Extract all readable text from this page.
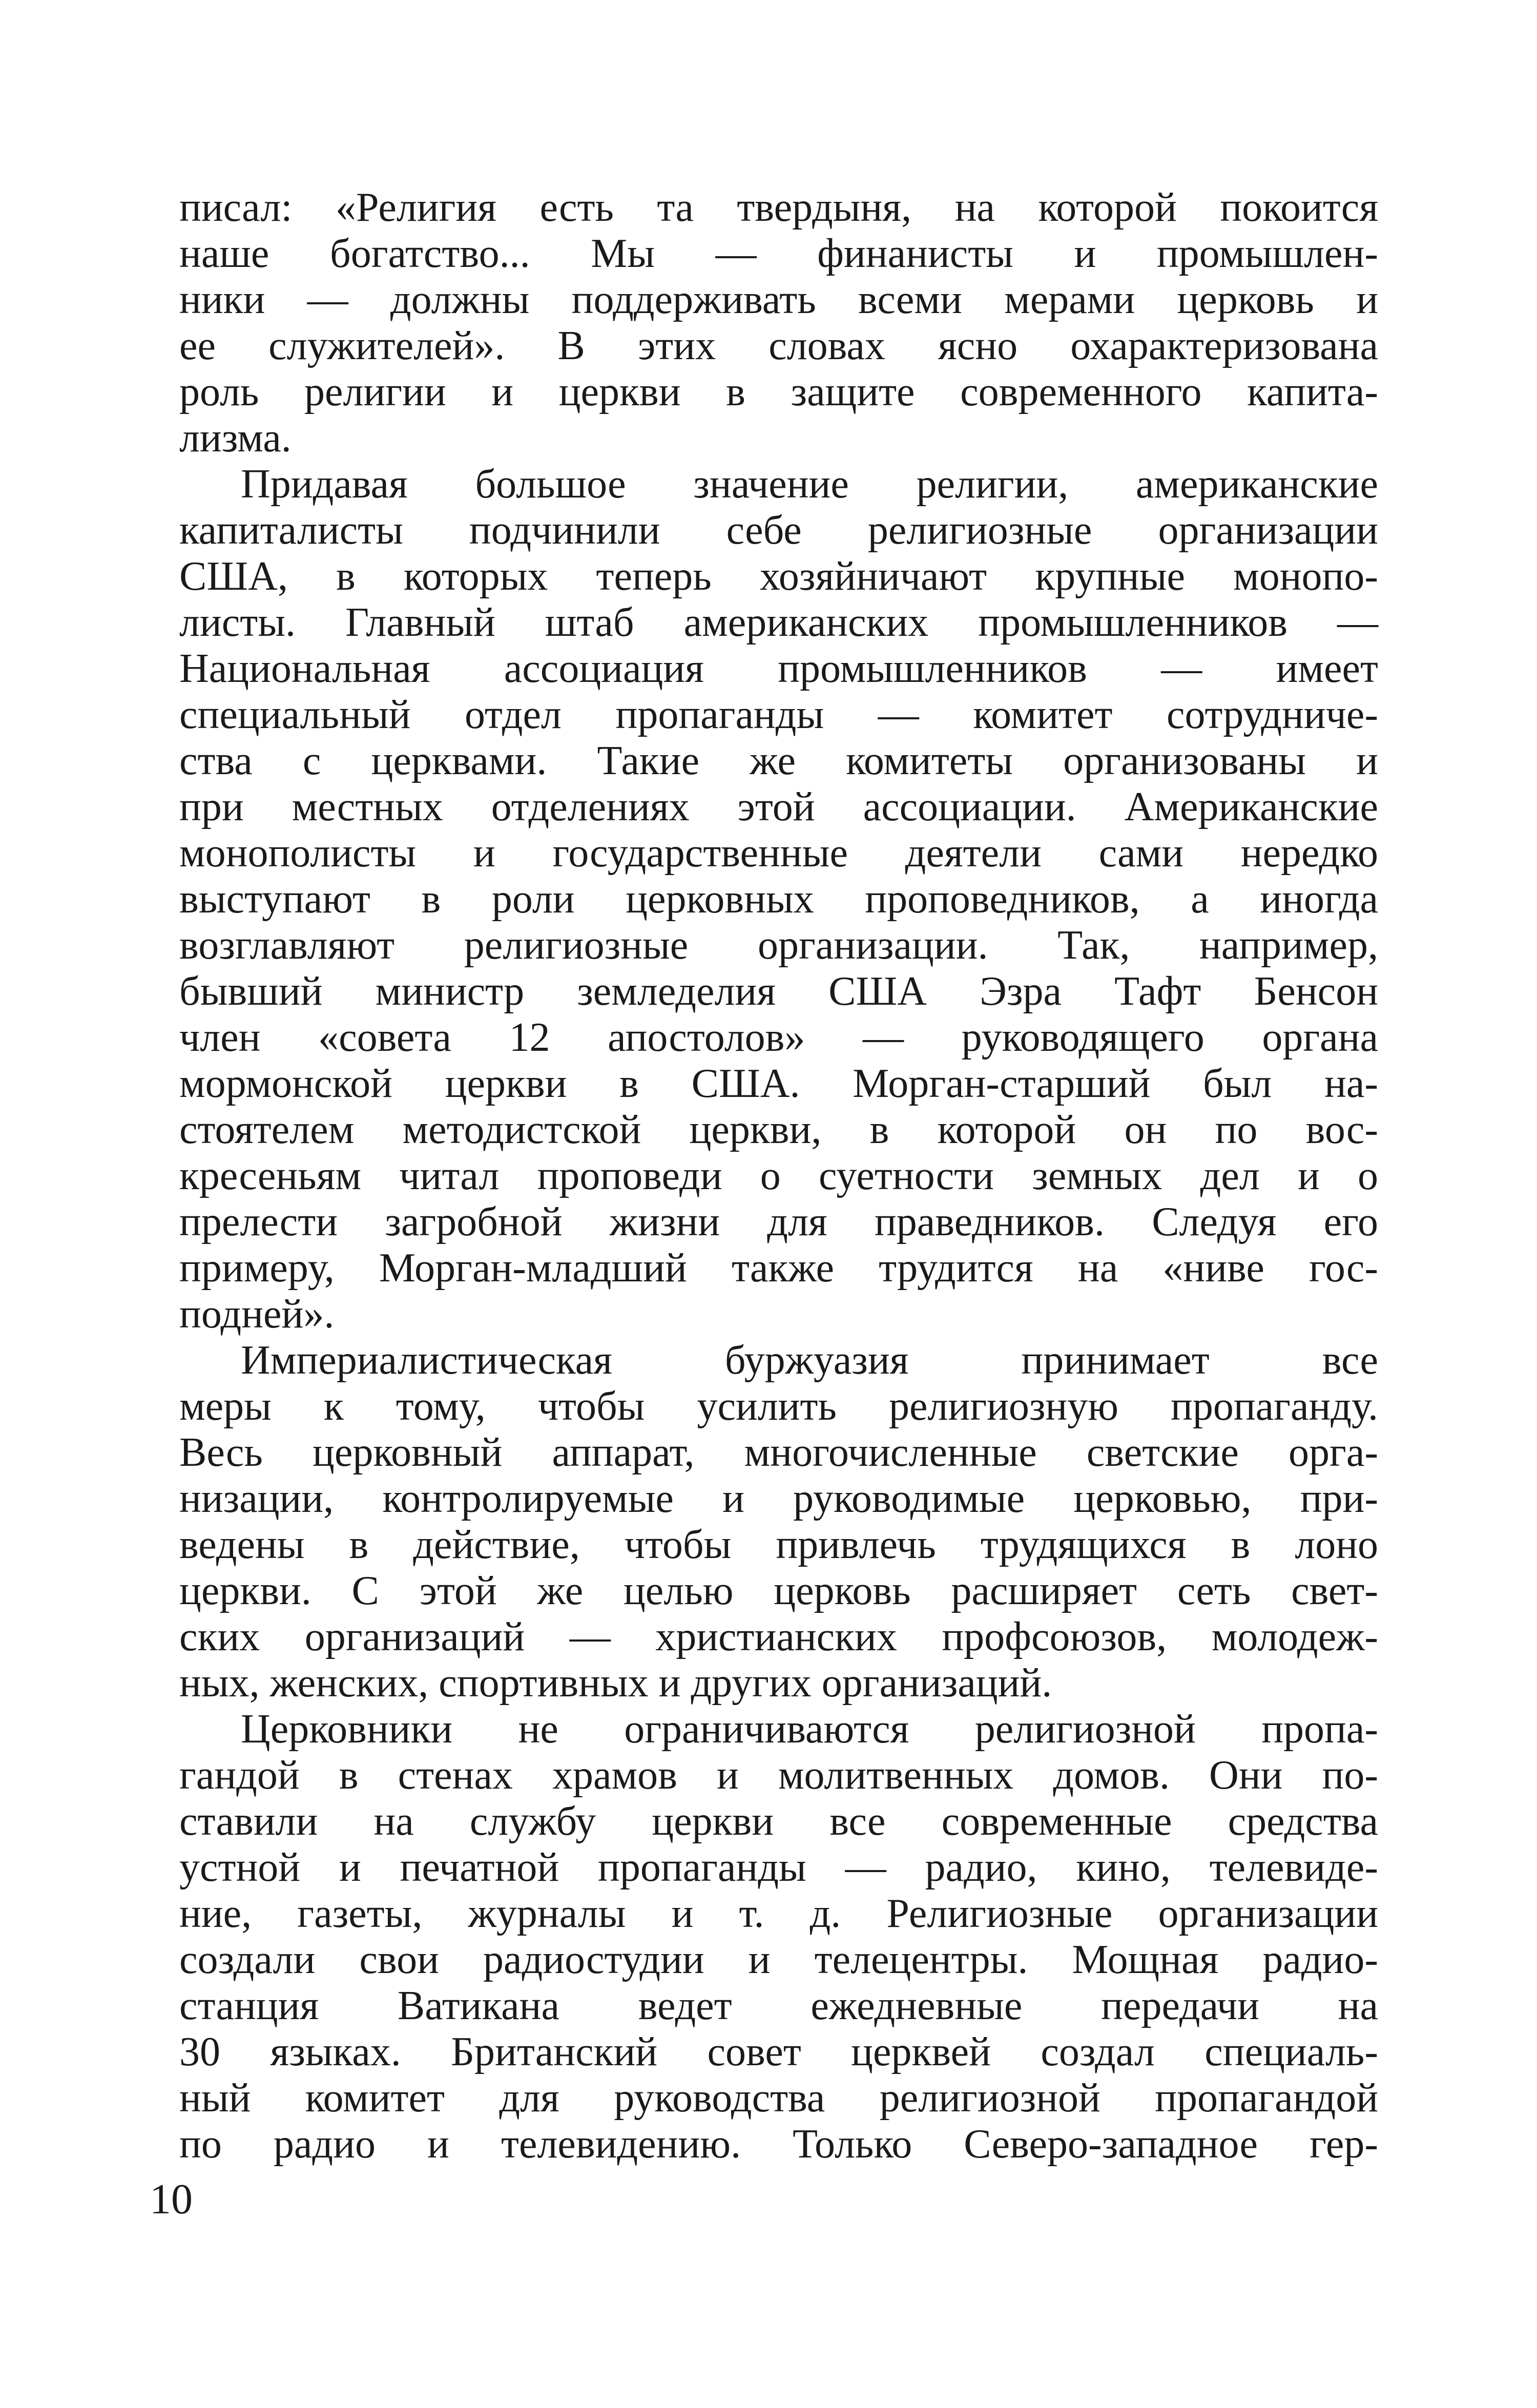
писал: «Религия есть та твердыня, на которой покоится
наше богатство... Мы — финанисты и промышлен-
ники — должны поддерживать всеми мерами церковь и
ее служителей». В этих словах ясно охарактеризована
роль религии и церкви в защите современного капита-
лизма.
Придавая большое значение религии, американские
капиталисты подчинили себе религиозные организации
США, в которых теперь хозяйничают крупные монопо-
листы. Главный штаб американских промышленников —
Национальная ассоциация промышленников — имеет
специальный отдел пропаганды — комитет сотрудниче-
ства с церквами. Такие же комитеты организованы и
при местных отделениях этой ассоциации. Американские
монополисты и государственные деятели сами нередко
выступают в роли церковных проповедников, а иногда
возглавляют религиозные организации. Так, например,
бывший министр земледелия США Эзра Тафт Бенсон
член «совета 12 апостолов» — руководящего органа
мормонской церкви в США. Морган-старший был на-
стоятелем методистской церкви, в которой он по вос-
кресеньям читал проповеди о суетности земных дел и о
прелести загробной жизни для праведников. Следуя его
примеру, Морган-младший также трудится на «ниве гос-
подней».
Империалистическая буржуазия принимает все
меры к тому, чтобы усилить религиозную пропаганду.
Весь церковный аппарат, многочисленные светские орга-
низации, контролируемые и руководимые церковью, при-
ведены в действие, чтобы привлечь трудящихся в лоно
церкви. С этой же целью церковь расширяет сеть свет-
ских организаций — христианских профсоюзов, молодеж-
ных, женских, спортивных и других организаций.
Церковники не ограничиваются религиозной пропа-
гандой в стенах храмов и молитвенных домов. Они по-
ставили на службу церкви все современные средства
устной и печатной пропаганды — радио, кино, телевиде-
ние, газеты, журналы и т. д. Религиозные организации
создали свои радиостудии и телецентры. Мощная радио-
станция Ватикана ведет ежедневные передачи на
30 языках. Британский совет церквей создал специаль-
ный комитет для руководства религиозной пропагандой
по радио и телевидению. Только Северо-западное гер-
10
